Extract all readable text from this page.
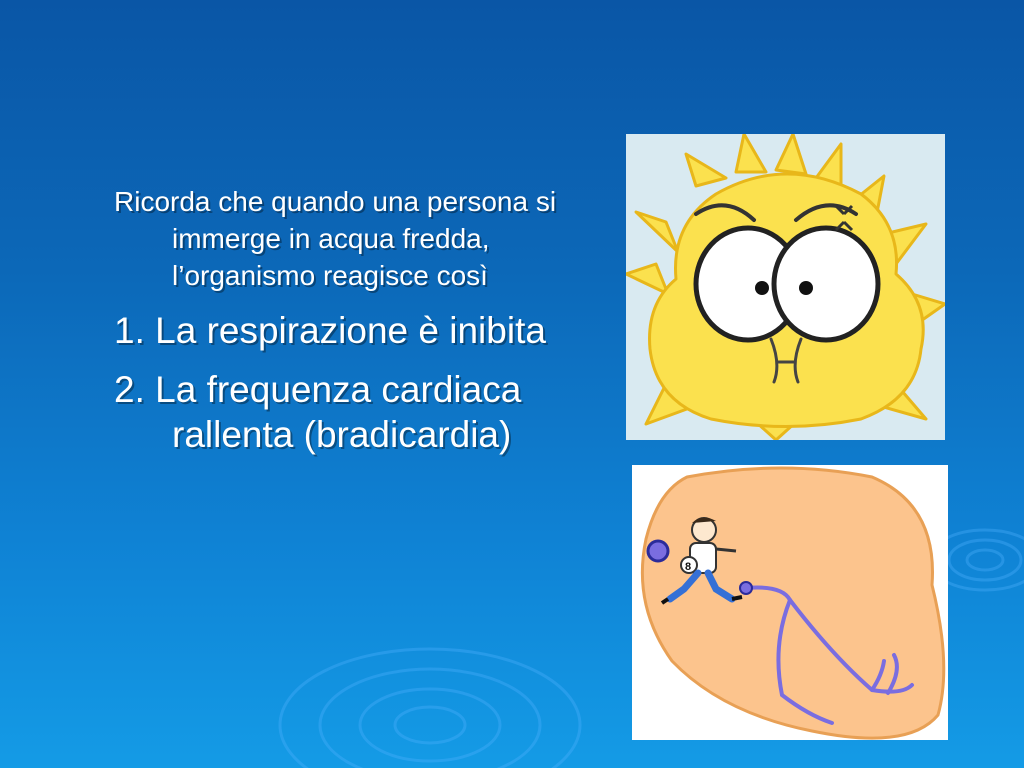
Ricorda che quando una persona si immerge in acqua fredda, l’organismo reagisce così

1. La respirazione è inibita

2. La frequenza cardiaca rallenta (bradicardia)

8
